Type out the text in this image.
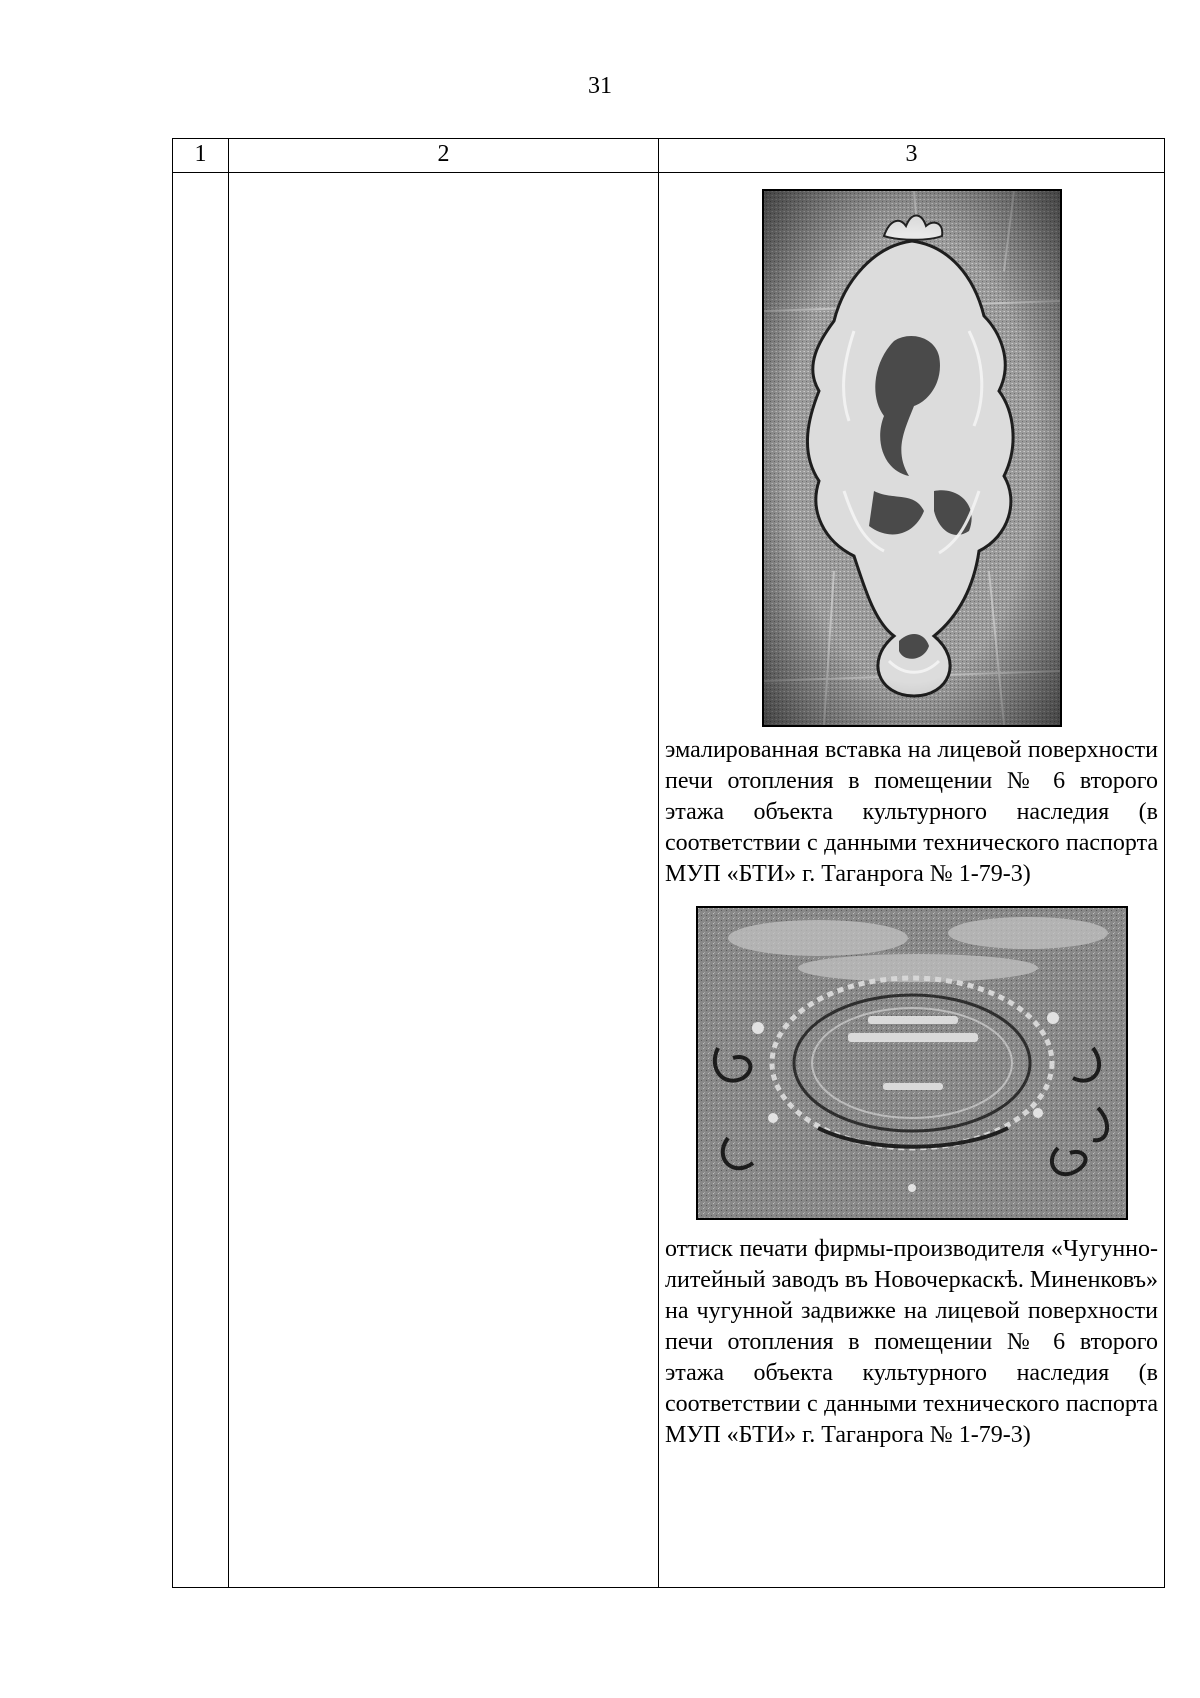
31
1	2	3

		эмалированная вставка на лицевой поверхности печи отопления в помещении № 6 второго этажа объекта культурного наследия (в соответствии с данными технического паспорта МУП «БТИ» г. Таганрога № 1-79-3)

оттиск печати фирмы-производителя «Чугунно-литейный заводъ въ Новочеркаскѣ. Миненковъ» на чугунной задвижке на лицевой поверхности печи отопления в помещении № 6 второго этажа объекта культурного наследия (в соответствии с данными технического паспорта МУП «БТИ» г. Таганрога № 1-79-3)
